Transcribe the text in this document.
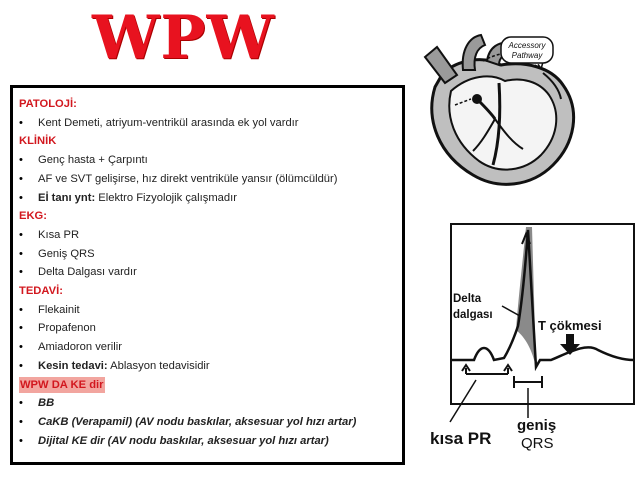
WPW
PATOLOJİ:
• Kent Demeti, atriyum-ventrikül arasında ek yol vardır
KLİNİK
• Genç hasta + Çarpıntı
• AF ve SVT gelişirse, hız direkt ventriküle yansır (ölümcüldür)
• Eİ tanı ynt: Elektro Fizyolojik çalışmadır
EKG:
• Kısa PR
• Geniş QRS
• Delta Dalgası vardır
TEDAVİ:
• Flekainit
• Propafenon
• Amiadoron verilir
• Kesin tedavi: Ablasyon tedavisidir
WPW DA KE dir
• BB
• CaKB (Verapamil) (AV nodu baskılar, aksesuar yol hızı artar)
• Dijital KE dir (AV nodu baskılar, aksesuar yol hızı artar)
Accessory
Pathway
Delta
dalgası
T çökmesi
kısa PR
geniş
QRS
